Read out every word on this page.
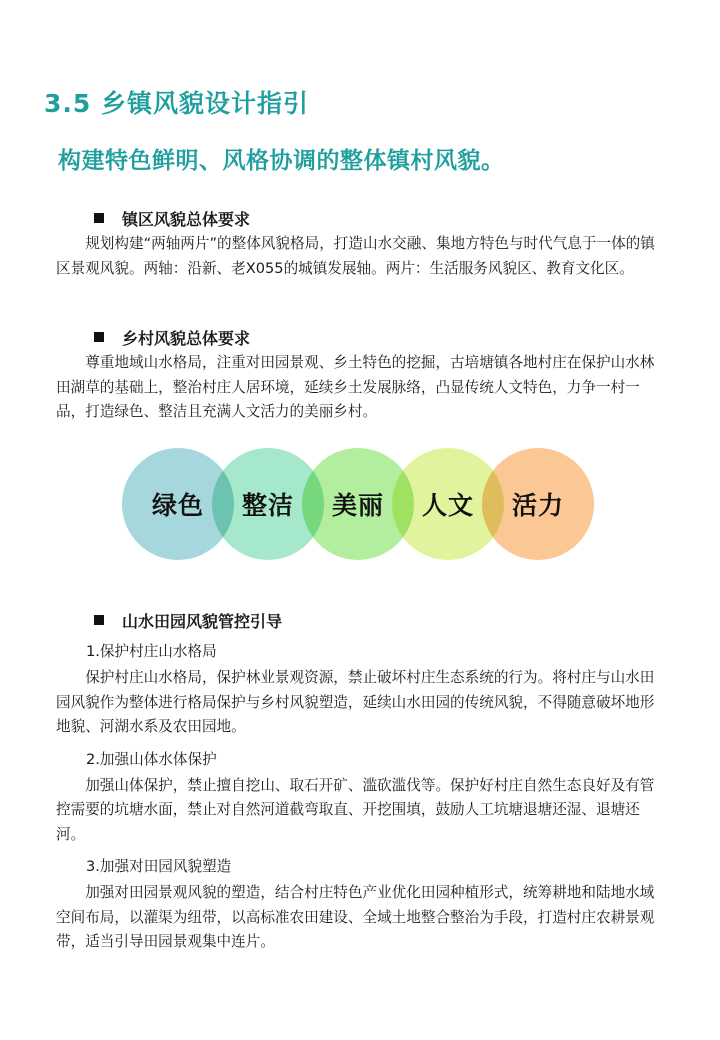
3.5 乡镇风貌设计指引
构建特色鲜明、风格协调的整体镇村风貌。
镇区风貌总体要求

规划构建“两轴两片”的整体风貌格局，打造山水交融、集地方特色与时代气息于一体的镇区景观风貌。两轴：沿新、老X055的城镇发展轴。两片：生活服务风貌区、教育文化区。

乡村风貌总体要求

尊重地域山水格局，注重对田园景观、乡土特色的挖掘，古培塘镇各地村庄在保护山水林田湖草的基础上，整治村庄人居环境，延续乡土发展脉络，凸显传统人文特色，力争一村一品，打造绿色、整洁且充满人文活力的美丽乡村。

绿色	整洁	美丽	人文	活力
山水田园风貌管控引导
1.保护村庄山水格局

保护村庄山水格局，保护林业景观资源，禁止破坏村庄生态系统的行为。将村庄与山水田园风貌作为整体进行格局保护与乡村风貌塑造，延续山水田园的传统风貌，不得随意破坏地形地貌、河湖水系及农田园地。

2.加强山体水体保护

加强山体保护，禁止擅自挖山、取石开矿、滥砍滥伐等。保护好村庄自然生态良好及有管控需要的坑塘水面，禁止对自然河道截弯取直、开挖围填，鼓励人工坑塘退塘还湿、退塘还河。

3.加强对田园风貌塑造

加强对田园景观风貌的塑造，结合村庄特色产业优化田园种植形式，统筹耕地和陆地水域空间布局，以灌渠为纽带，以高标准农田建设、全域土地整合整治为手段，打造村庄农耕景观带，适当引导田园景观集中连片。
